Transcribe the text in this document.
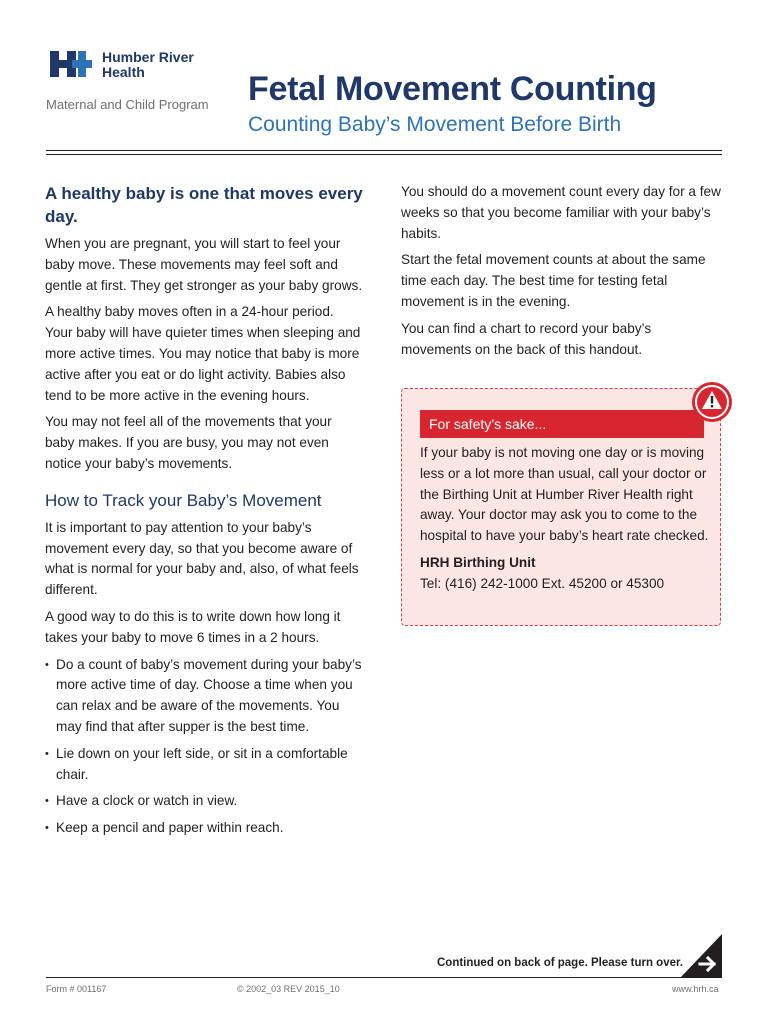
Humber River
Health
Maternal and Child Program Fetal Movement Counting
Counting Baby’s Movement Before Birth
A healthy baby is one that moves every day.

When you are pregnant, you will start to feel your baby move. These movements may feel soft and gentle at first. They get stronger as your baby grows.

A healthy baby moves often in a 24-hour period. Your baby will have quieter times when sleeping and more active times. You may notice that baby is more active after you eat or do light activity. Babies also tend to be more active in the evening hours.

You may not feel all of the movements that your baby makes. If you are busy, you may not even notice your baby’s movements.

How to Track your Baby’s Movement

It is important to pay attention to your baby’s movement every day, so that you become aware of what is normal for your baby and, also, of what feels different.

A good way to do this is to write down how long it takes your baby to move 6 times in a 2 hours.

• Do a count of baby’s movement during your baby’s more active time of day. Choose a time when you can relax and be aware of the movements. You may find that after supper is the best time.
• Lie down on your left side, or sit in a comfortable chair.
• Have a clock or watch in view.
• Keep a pencil and paper within reach.

You should do a movement count every day for a few weeks so that you become familiar with your baby’s habits.

Start the fetal movement counts at about the same time each day. The best time for testing fetal movement is in the evening.

You can find a chart to record your baby’s movements on the back of this handout.

For safety’s sake...

If your baby is not moving one day or is moving less or a lot more than usual, call your doctor or the Birthing Unit at Humber River Health right away. Your doctor may ask you to come to the hospital to have your baby’s heart rate checked.

HRH Birthing Unit
Tel: (416) 242-1000 Ext. 45200 or 45300
Continued on back of page. Please turn over.
Form # 001167	© 2002_03 REV 2015_10	www.hrh.ca
